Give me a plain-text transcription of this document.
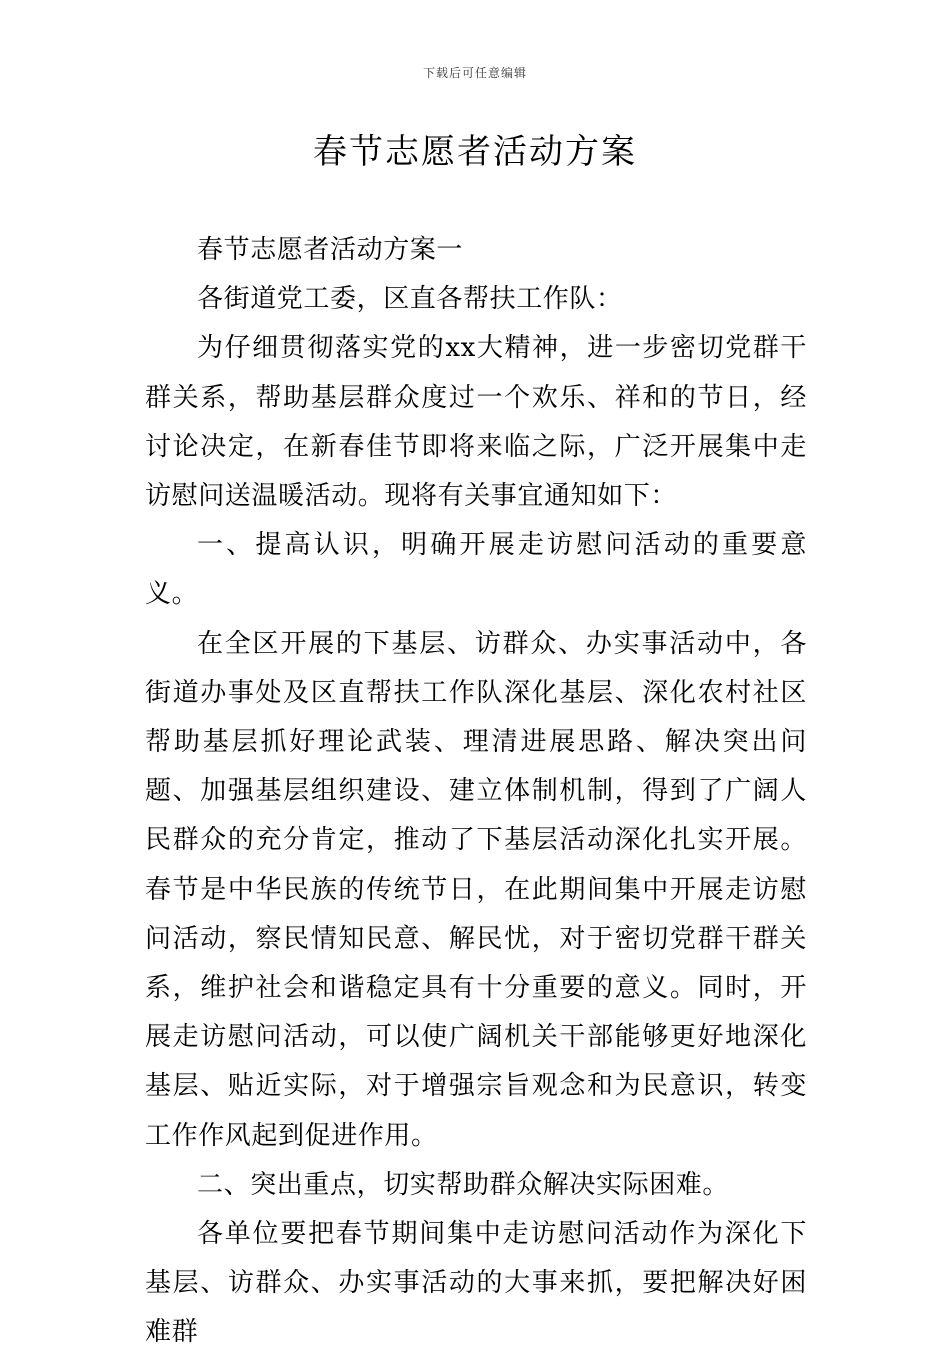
下载后可任意编辑
春节志愿者活动方案

春节志愿者活动方案一

各街道党工委，区直各帮扶工作队：

为仔细贯彻落实党的xx大精神，进一步密切党群干群关系，帮助基层群众度过一个欢乐、祥和的节日，经讨论决定，在新春佳节即将来临之际，广泛开展集中走访慰问送温暖活动。现将有关事宜通知如下：

一、提高认识，明确开展走访慰问活动的重要意义。

在全区开展的下基层、访群众、办实事活动中，各街道办事处及区直帮扶工作队深化基层、深化农村社区帮助基层抓好理论武装、理清进展思路、解决突出问题、加强基层组织建设、建立体制机制，得到了广阔人民群众的充分肯定，推动了下基层活动深化扎实开展。春节是中华民族的传统节日，在此期间集中开展走访慰问活动，察民情知民意、解民忧，对于密切党群干群关系，维护社会和谐稳定具有十分重要的意义。同时，开展走访慰问活动，可以使广阔机关干部能够更好地深化基层、贴近实际，对于增强宗旨观念和为民意识，转变工作作风起到促进作用。

二、突出重点，切实帮助群众解决实际困难。

各单位要把春节期间集中走访慰问活动作为深化下基层、访群众、办实事活动的大事来抓，要把解决好困难群
